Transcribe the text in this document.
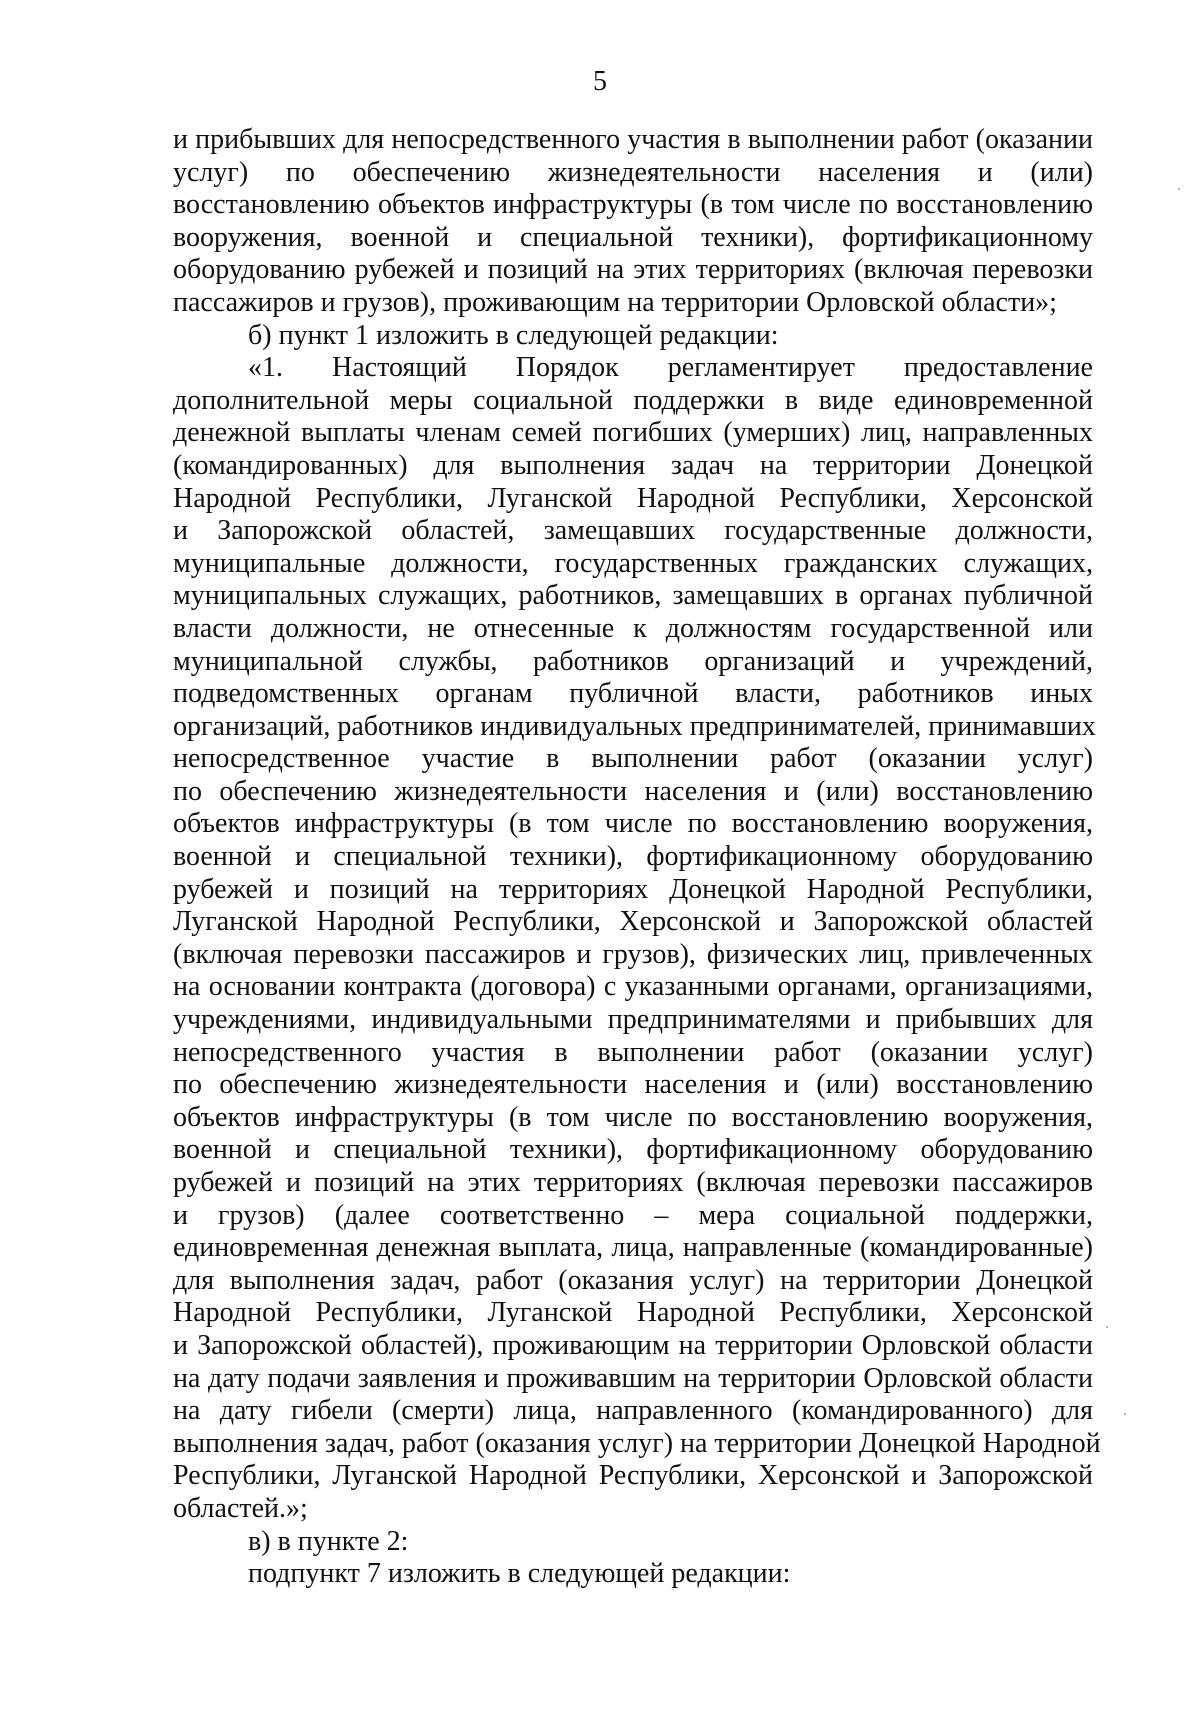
5
и прибывших для непосредственного участия в выполнении работ (оказании
услуг) по обеспечению жизнедеятельности населения и (или)
восстановлению объектов инфраструктуры (в том числе по восстановлению
вооружения, военной и специальной техники), фортификационному
оборудованию рубежей и позиций на этих территориях (включая перевозки
пассажиров и грузов), проживающим на территории Орловской области»;
б) пункт 1 изложить в следующей редакции:
«1. Настоящий Порядок регламентирует предоставление
дополнительной меры социальной поддержки в виде единовременной
денежной выплаты членам семей погибших (умерших) лиц, направленных
(командированных) для выполнения задач на территории Донецкой
Народной Республики, Луганской Народной Республики, Херсонской
и Запорожской областей, замещавших государственные должности,
муниципальные должности, государственных гражданских служащих,
муниципальных служащих, работников, замещавших в органах публичной
власти должности, не отнесенные к должностям государственной или
муниципальной службы, работников организаций и учреждений,
подведомственных органам публичной власти, работников иных
организаций, работников индивидуальных предпринимателей, принимавших
непосредственное участие в выполнении работ (оказании услуг)
по обеспечению жизнедеятельности населения и (или) восстановлению
объектов инфраструктуры (в том числе по восстановлению вооружения,
военной и специальной техники), фортификационному оборудованию
рубежей и позиций на территориях Донецкой Народной Республики,
Луганской Народной Республики, Херсонской и Запорожской областей
(включая перевозки пассажиров и грузов), физических лиц, привлеченных
на основании контракта (договора) с указанными органами, организациями,
учреждениями, индивидуальными предпринимателями и прибывших для
непосредственного участия в выполнении работ (оказании услуг)
по обеспечению жизнедеятельности населения и (или) восстановлению
объектов инфраструктуры (в том числе по восстановлению вооружения,
военной и специальной техники), фортификационному оборудованию
рубежей и позиций на этих территориях (включая перевозки пассажиров
и грузов) (далее соответственно – мера социальной поддержки,
единовременная денежная выплата, лица, направленные (командированные)
для выполнения задач, работ (оказания услуг) на территории Донецкой
Народной Республики, Луганской Народной Республики, Херсонской
и Запорожской областей), проживающим на территории Орловской области
на дату подачи заявления и проживавшим на территории Орловской области
на дату гибели (смерти) лица, направленного (командированного) для
выполнения задач, работ (оказания услуг) на территории Донецкой Народной
Республики, Луганской Народной Республики, Херсонской и Запорожской
областей.»;
в) в пункте 2:
подпункт 7 изложить в следующей редакции:
